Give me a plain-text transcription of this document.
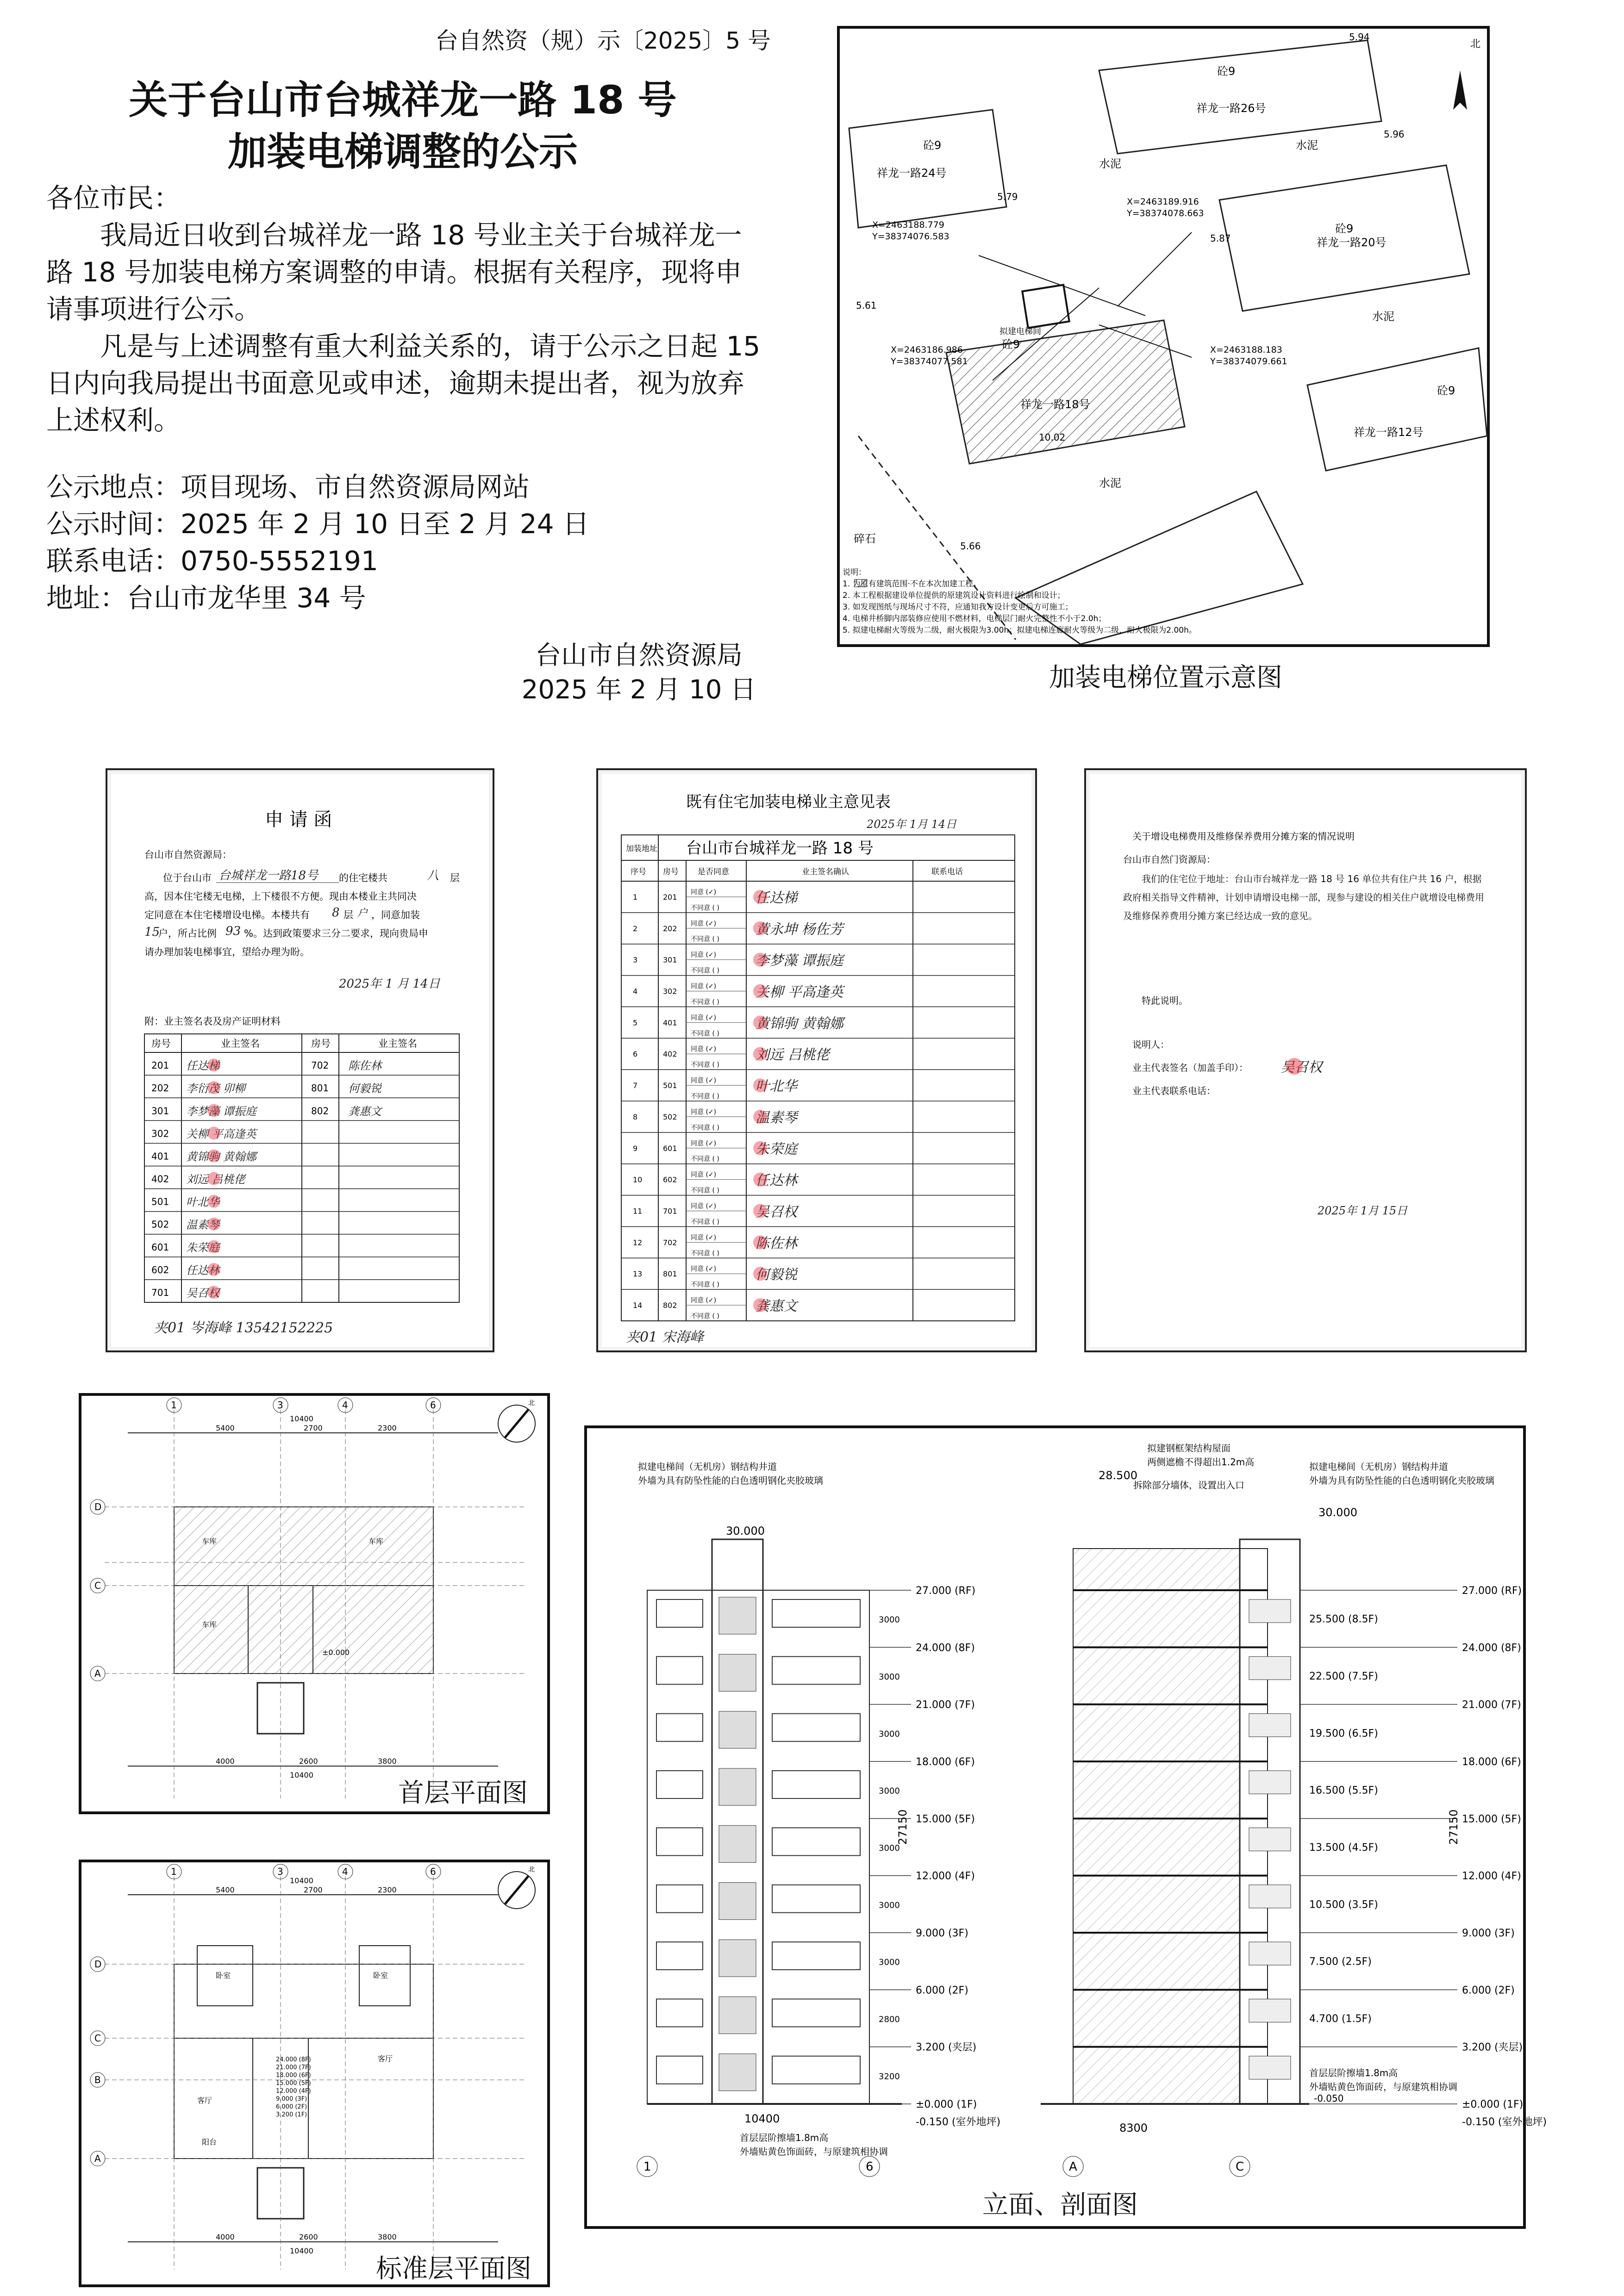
台自然资（规）示〔2025〕5 号
关于台山市台城祥龙一路 18 号
加装电梯调整的公示

各位市民：

我局近日收到台城祥龙一路 18 号业主关于台城祥龙一路 18 号加装电梯方案调整的申请。根据有关程序，现将申请事项进行公示。

凡是与上述调整有重大利益关系的，请于公示之日起 15 日内向我局提出书面意见或申述，逾期未提出者，视为放弃上述权利。

公示地点：项目现场、市自然资源局网站

公示时间：2025 年 2 月 10 日至 2 月 24 日

联系电话：0750-5552191

地址：台山市龙华里 34 号

台山市自然资源局
2025 年 2 月 10 日
北
祥龙一路26号
祥龙一路24号
祥龙一路20号
祥龙一路18号
祥龙一路12号
水泥
水泥
水泥
水泥
砼9
砼9
砼9
砼9
砼9
碎石
X=2463188.779
Y=38374076.583
X=2463189.916
Y=38374078.663
X=2463186.986
Y=38374077.581
X=2463188.183
Y=38374079.661
5.94
5.96
5.79
5.87
5.61
5.66
10.02
拟建电梯间
说明：
1. 为原有建筑范围·不在本次加建工程。
2. 本工程根据建设单位提供的原建筑设计资料进行绘制和设计；
3. 如发现图纸与现场尺寸不符，应通知我方设计变更后方可施工；
4. 电梯井桥脚内部装修应使用不燃材料，电梯层门耐火完整性不小于2.0h；
5. 拟建电梯耐火等级为二级，耐火极限为3.00h；拟建电梯连廊耐火等级为二级，耐火极限为2.00h。
加装电梯位置示意图
申 请 函
台山市自然资源局：
位于台山市 台城祥龙一路18号 的住宅楼共	八 层
高，因本住宅楼无电梯，上下楼很不方便。现由本楼业主共同决
定同意在本住宅楼增设电梯。本楼共有 8 层 户 ，同意加装
15
户，所占比例 93 %。达到政策要求三分二要求，现向贵局申
请办理加装电梯事宜，望给办理为盼。
2025年 1 月 14日
附：业主签名表及房产证明材料
房号	业主签名	房号	业主签名
201 任达梯	702 陈佐林
202 李衍茂 卯柳	801 何毅锐
301 李梦藻 谭振庭	802 龚惠文
302 关柳 平高逢英
401 黄锦驹 黄翰娜
402 刘远 吕桃佬
501 叶北华
502 温素琴
601 朱荣庭
602 任达林
701 吴召权
夹01 岑海峰 13542152225
既有住宅加装电梯业主意见表
2025年 1月 14日
加装地址 台山市台城祥龙一路 18 号
序号 房号 是否同意	业主签名确认	联系电话
1	201
同意 (✓)
不同意 ( )
任达梯
2	202
同意 (✓)
不同意 ( )
黄永坤 杨佐芳
3	301
同意 (✓)
不同意 ( )
李梦藻 谭振庭
4	302
同意 (✓)
不同意 ( )
关柳 平高逢英
5	401
同意 (✓)
不同意 ( )
黄锦驹 黄翰娜
6	402
同意 (✓)
不同意 ( )
刘远 吕桃佬
7	501
同意 (✓)
不同意 ( )
叶北华
8	502
同意 (✓)
不同意 ( )
温素琴
9	601
同意 (✓)
不同意 ( )
朱荣庭
10	602
同意 (✓)
不同意 ( )
任达林
11	701
同意 (✓)
不同意 ( )
吴召权
12	702
同意 (✓)
不同意 ( )
陈佐林
13	801
同意 (✓)
不同意 ( )
何毅锐
14	802
同意 (✓)
不同意 ( )
龚惠文
夹01 宋海峰
关于增设电梯费用及维修保养费用分摊方案的情况说明
台山市自然门资源局：
我们的住宅位于地址：台山市台城祥龙一路 18 号 16 单位共有住户共 16 户，根据政府相关指导文件精神，计划申请增设电梯一部，现参与建设的相关住户就增设电梯费用及维修保养费用分摊方案已经达成一致的意见。
特此说明。
说明人：
业主代表签名（加盖手印）： 吴召权
业主代表联系电话：
2025年 1月 15日
5400	2700	2300
10400
4000	2600	3800
10400
车库	车库
车库
±0.000
1	3	4	6
D
C
A
北
首层平面图
5400	2700	2300
10400
4000	2600	3800
10400
卧室	卧室
客厅
客厅
阳台
24.000 (8F)
21.000 (7F)
18.000 (6F)
15.000 (5F)
12.000 (4F)
9.000 (3F)
6.000 (2F)
3.200 (1F)
1	3	4	6
D
C
B
A
北
标准层平面图
27.000 (RF)	27.000 (RF)
3000
24.000 (8F)	24.000 (8F)
3000
21.000 (7F)	21.000 (7F)
3000
18.000 (6F)	18.000 (6F)
3000
15.000 (5F)	15.000 (5F)
3000
12.000 (4F)	12.000 (4F)
3000
9.000 (3F)	9.000 (3F)
3000
6.000 (2F)	6.000 (2F)
2800
3.200 (夹层)	3.200 (夹层)
3200
±0.000 (1F)	±0.000 (1F)
-0.150 (室外地坪)	-0.150 (室外地坪)
25.500 (8.5F)
22.500 (7.5F)
19.500 (6.5F)
16.500 (5.5F)
13.500 (4.5F)
10.500 (3.5F)
7.500 (2.5F)
4.700 (1.5F)
拟建电梯间（无机房）钢结构井道
外墙为具有防坠性能的白色透明钢化夹胶玻璃
30.000
拟建钢框架结构屋面
两侧遮檐不得超出1.2m高
拆除部分墙体，设置出入口
28.500
拟建电梯间（无机房）钢结构井道
外墙为具有防坠性能的白色透明钢化夹胶玻璃
30.000
首层层阶擦墙1.8m高
外墙贴黄色饰面砖，与原建筑相协调
首层层阶擦墙1.8m高
外墙贴黄色饰面砖，与原建筑相协调
-0.050
10400
8300
27150	27150
1	6	A	C
立面、剖面图
